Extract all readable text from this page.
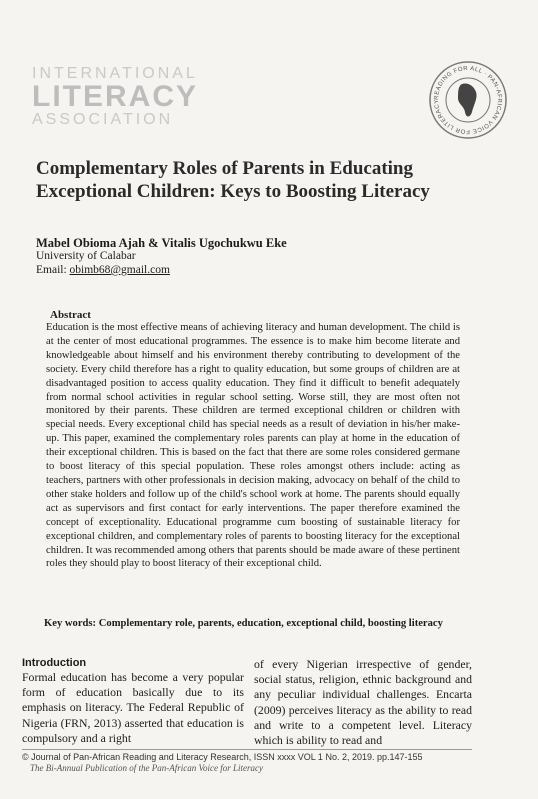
INTERNATIONAL
LITERACY
ASSOCIATION
READING FOR ALL · PAN-AFRICAN VOICE FOR LITERACY
Complementary Roles of Parents in Educating Exceptional Children: Keys to Boosting Literacy
Mabel Obioma Ajah & Vitalis Ugochukwu Eke
University of Calabar
Email: obimb68@gmail.com
Abstract
Education is the most effective means of achieving literacy and human development. The child is at the center of most educational programmes. The essence is to make him become literate and knowledgeable about himself and his environment thereby contributing to development of the society. Every child therefore has a right to quality education, but some groups of children are at disadvantaged position to access quality education. They find it difficult to benefit adequately from normal school activities in regular school setting. Worse still, they are most often not monitored by their parents. These children are termed exceptional children or children with special needs. Every exceptional child has special needs as a result of deviation in his/her make-up. This paper, examined the complementary roles parents can play at home in the education of their exceptional children. This is based on the fact that there are some roles considered germane to boost literacy of this special population. These roles amongst others include: acting as teachers, partners with other professionals in decision making, advocacy on behalf of the child to other stake holders and follow up of the child's school work at home. The parents should equally act as supervisors and first contact for early interventions. The paper therefore examined the concept of exceptionality. Educational programme cum boosting of sustainable literacy for exceptional children, and complementary roles of parents to boosting literacy for the exceptional children. It was recommended among others that parents should be made aware of these pertinent roles they should play to boost literacy of their exceptional child.
Key words: Complementary role, parents, education, exceptional child, boosting literacy
Introduction
Formal education has become a very popular form of education basically due to its emphasis on literacy. The Federal Republic of Nigeria (FRN, 2013) asserted that education is compulsory and a right
of every Nigerian irrespective of gender, social status, religion, ethnic background and any peculiar individual challenges. Encarta (2009) perceives literacy as the ability to read and write to a competent level. Literacy which is ability to read and
© Journal of Pan-African Reading and Literacy Research, ISSN xxxx VOL 1 No. 2, 2019. pp.147-155
The Bi-Annual Publication of the Pan-African Voice for Literacy
